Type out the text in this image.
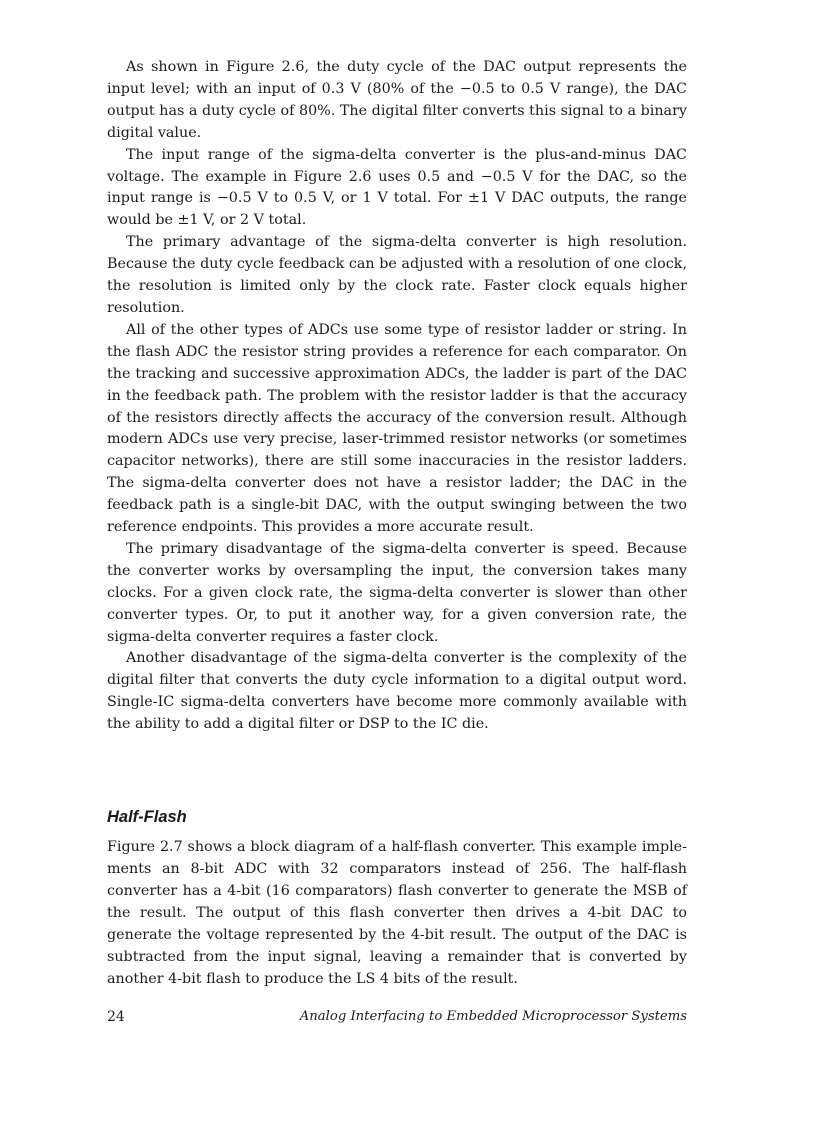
As shown in Figure 2.6, the duty cycle of the DAC output represents the input level; with an input of 0.3 V (80% of the −0.5 to 0.5 V range), the DAC output has a duty cycle of 80%. The digital filter converts this signal to a binary digital value.

The input range of the sigma-delta converter is the plus-and-minus DAC voltage. The example in Figure 2.6 uses 0.5 and −0.5 V for the DAC, so the input range is −0.5 V to 0.5 V, or 1 V total. For ±1 V DAC outputs, the range would be ±1 V, or 2 V total.

The primary advantage of the sigma-delta converter is high resolution. Because the duty cycle feedback can be adjusted with a resolution of one clock, the resolution is limited only by the clock rate. Faster clock equals higher resolution.

All of the other types of ADCs use some type of resistor ladder or string. In the flash ADC the resistor string provides a reference for each comparator. On the tracking and successive approximation ADCs, the ladder is part of the DAC in the feedback path. The problem with the resistor ladder is that the accuracy of the resistors directly affects the accuracy of the conversion result. Although modern ADCs use very precise, laser-trimmed resistor networks (or sometimes capacitor networks), there are still some inaccuracies in the resistor ladders. The sigma-delta converter does not have a resistor ladder; the DAC in the feedback path is a single-bit DAC, with the output swinging between the two reference endpoints. This provides a more accurate result.

The primary disadvantage of the sigma-delta converter is speed. Because the converter works by oversampling the input, the conversion takes many clocks. For a given clock rate, the sigma-delta converter is slower than other converter types. Or, to put it another way, for a given conversion rate, the sigma-delta converter requires a faster clock.

Another disadvantage of the sigma-delta converter is the complexity of the digital filter that converts the duty cycle information to a digital output word. Single-IC sigma-delta converters have become more commonly available with the ability to add a digital filter or DSP to the IC die.

Half-Flash

Figure 2.7 shows a block diagram of a half-flash converter. This example implements an 8-bit ADC with 32 comparators instead of 256. The half-flash converter has a 4-bit (16 comparators) flash converter to generate the MSB of the result. The output of this flash converter then drives a 4-bit DAC to generate the voltage represented by the 4-bit result. The output of the DAC is subtracted from the input signal, leaving a remainder that is converted by another 4-bit flash to produce the LS 4 bits of the result.

24	Analog Interfacing to Embedded Microprocessor Systems
